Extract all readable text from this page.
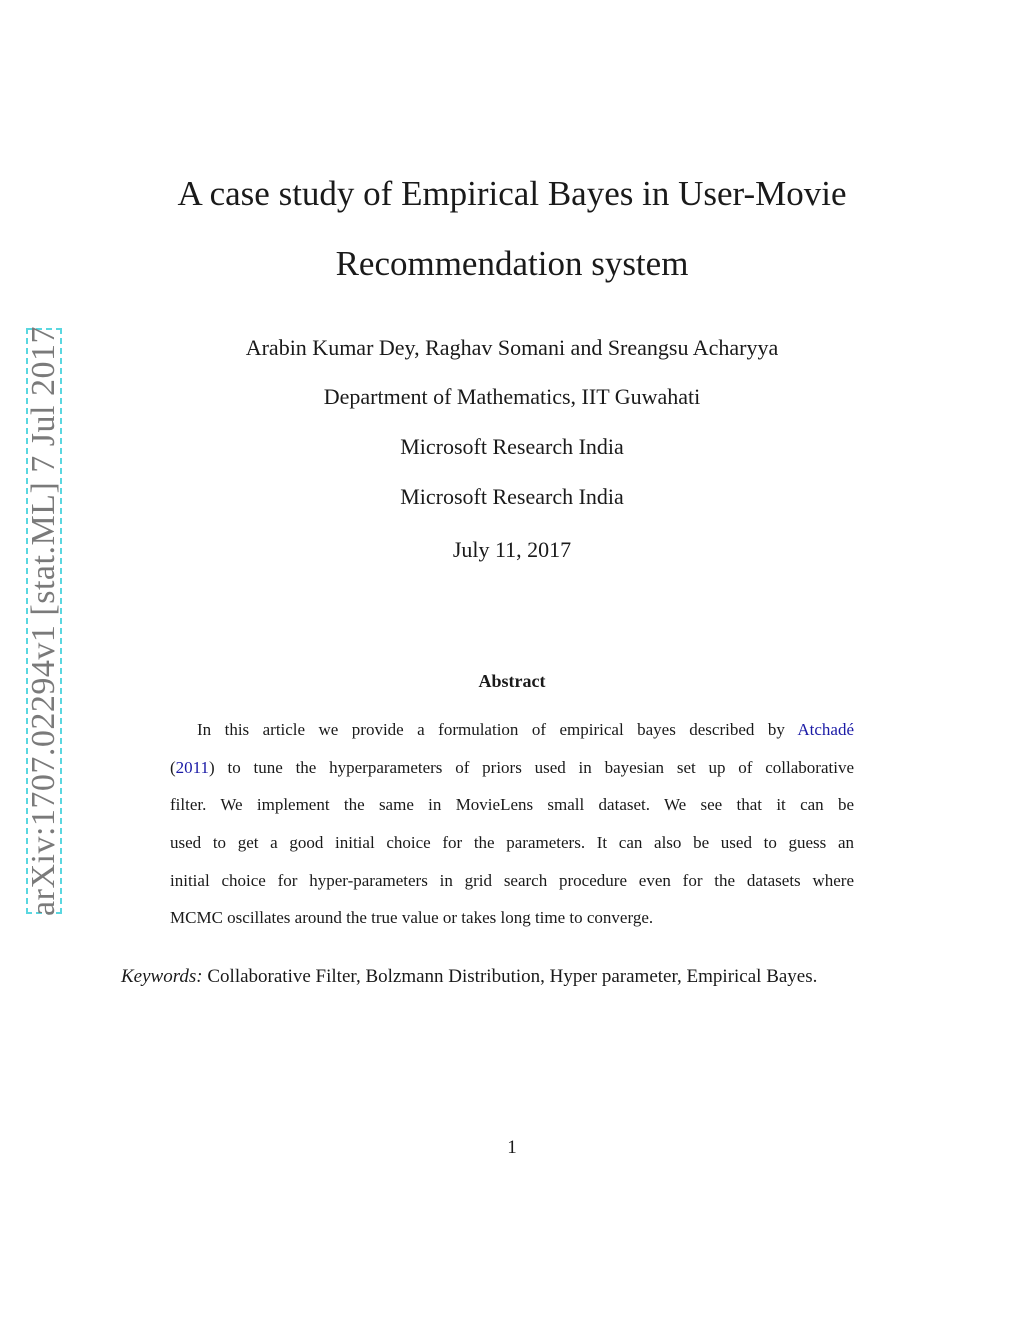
arXiv:1707.02294v1 [stat.ML] 7 Jul 2017
A case study of Empirical Bayes in User-Movie
Recommendation system
Arabin Kumar Dey, Raghav Somani and Sreangsu Acharyya
Department of Mathematics, IIT Guwahati
Microsoft Research India
Microsoft Research India
July 11, 2017
Abstract
In this article we provide a formulation of empirical bayes described by Atchadé
(2011) to tune the hyperparameters of priors used in bayesian set up of collaborative
filter. We implement the same in MovieLens small dataset. We see that it can be
used to get a good initial choice for the parameters. It can also be used to guess an
initial choice for hyper-parameters in grid search procedure even for the datasets where
MCMC oscillates around the true value or takes long time to converge.
Keywords: Collaborative Filter, Bolzmann Distribution, Hyper parameter, Empirical Bayes.
1
